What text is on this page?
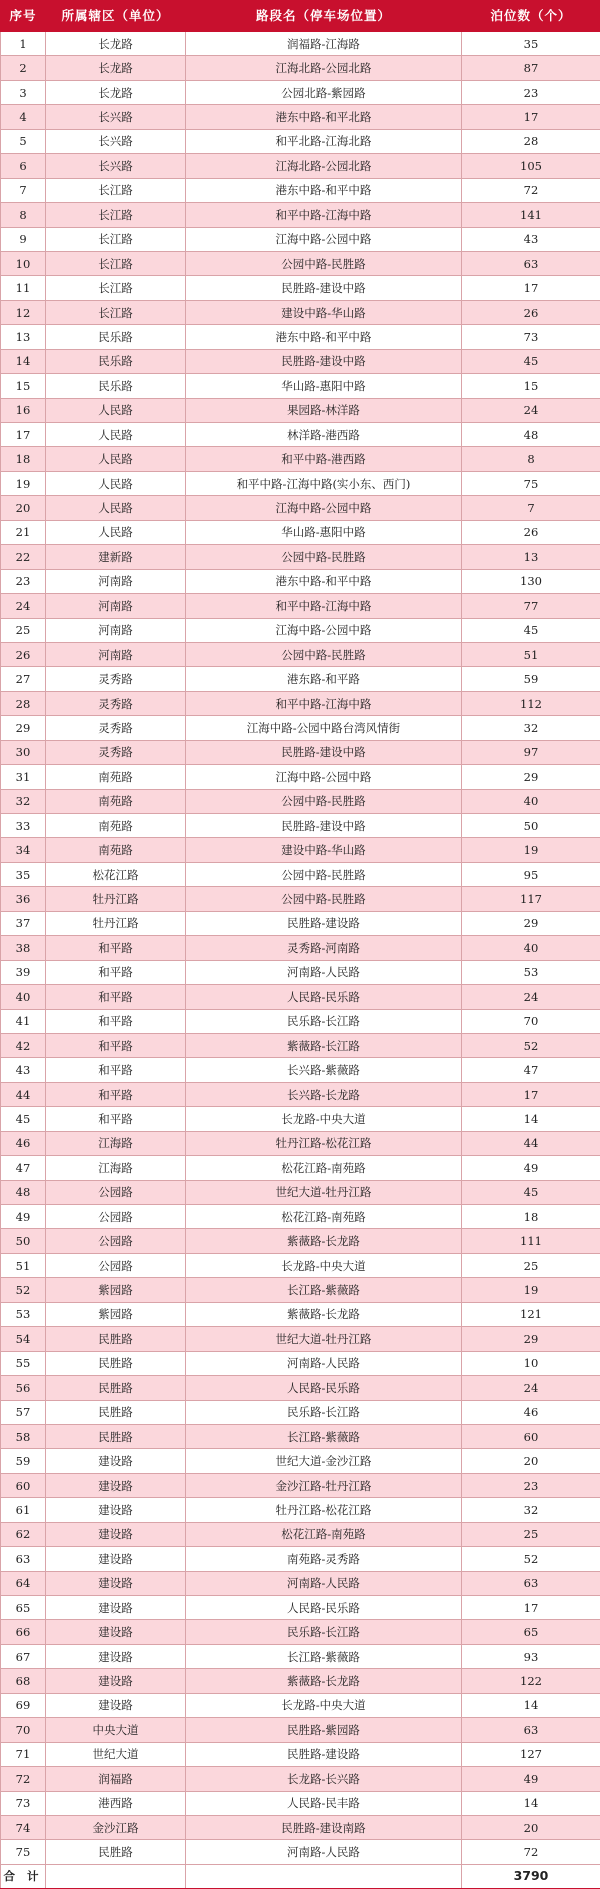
序号	所属辖区（单位）	路段名（停车场位置）	泊位数（个）
1	长龙路	润福路-江海路	35
2	长龙路	江海北路-公园北路	87
3	长龙路	公园北路-紫园路	23
4	长兴路	港东中路-和平北路	17
5	长兴路	和平北路-江海北路	28
6	长兴路	江海北路-公园北路	105
7	长江路	港东中路-和平中路	72
8	长江路	和平中路-江海中路	141
9	长江路	江海中路-公园中路	43
10	长江路	公园中路-民胜路	63
11	长江路	民胜路-建设中路	17
12	长江路	建设中路-华山路	26
13	民乐路	港东中路-和平中路	73
14	民乐路	民胜路-建设中路	45
15	民乐路	华山路-惠阳中路	15
16	人民路	果园路-林洋路	24
17	人民路	林洋路-港西路	48
18	人民路	和平中路-港西路	8
19	人民路	和平中路-江海中路(实小东、西门)	75
20	人民路	江海中路-公园中路	7
21	人民路	华山路-惠阳中路	26
22	建新路	公园中路-民胜路	13
23	河南路	港东中路-和平中路	130
24	河南路	和平中路-江海中路	77
25	河南路	江海中路-公园中路	45
26	河南路	公园中路-民胜路	51
27	灵秀路	港东路-和平路	59
28	灵秀路	和平中路-江海中路	112
29	灵秀路	江海中路-公园中路台湾风情街	32
30	灵秀路	民胜路-建设中路	97
31	南苑路	江海中路-公园中路	29
32	南苑路	公园中路-民胜路	40
33	南苑路	民胜路-建设中路	50
34	南苑路	建设中路-华山路	19
35	松花江路	公园中路-民胜路	95
36	牡丹江路	公园中路-民胜路	117
37	牡丹江路	民胜路-建设路	29
38	和平路	灵秀路-河南路	40
39	和平路	河南路-人民路	53
40	和平路	人民路-民乐路	24
41	和平路	民乐路-长江路	70
42	和平路	紫薇路-长江路	52
43	和平路	长兴路-紫薇路	47
44	和平路	长兴路-长龙路	17
45	和平路	长龙路-中央大道	14
46	江海路	牡丹江路-松花江路	44
47	江海路	松花江路-南苑路	49
48	公园路	世纪大道-牡丹江路	45
49	公园路	松花江路-南苑路	18
50	公园路	紫薇路-长龙路	111
51	公园路	长龙路-中央大道	25
52	紫园路	长江路-紫薇路	19
53	紫园路	紫薇路-长龙路	121
54	民胜路	世纪大道-牡丹江路	29
55	民胜路	河南路-人民路	10
56	民胜路	人民路-民乐路	24
57	民胜路	民乐路-长江路	46
58	民胜路	长江路-紫薇路	60
59	建设路	世纪大道-金沙江路	20
60	建设路	金沙江路-牡丹江路	23
61	建设路	牡丹江路-松花江路	32
62	建设路	松花江路-南苑路	25
63	建设路	南苑路-灵秀路	52
64	建设路	河南路-人民路	63
65	建设路	人民路-民乐路	17
66	建设路	民乐路-长江路	65
67	建设路	长江路-紫薇路	93
68	建设路	紫薇路-长龙路	122
69	建设路	长龙路-中央大道	14
70	中央大道	民胜路-紫园路	63
71	世纪大道	民胜路-建设路	127
72	润福路	长龙路-长兴路	49
73	港西路	人民路-民丰路	14
74	金沙江路	民胜路-建设南路	20
75	民胜路	河南路-人民路	72
合 计			3790
